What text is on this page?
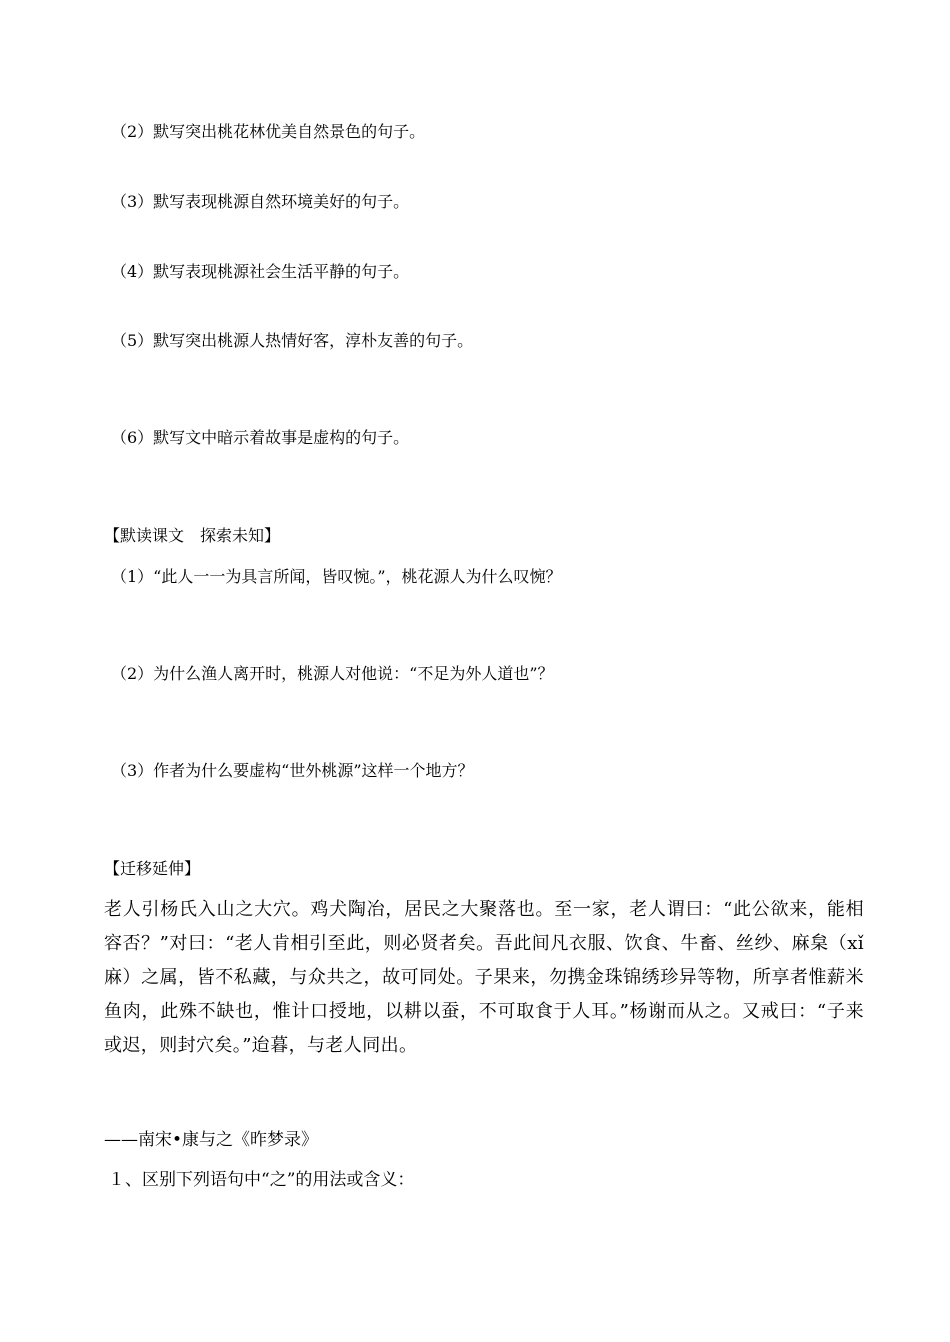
（2）默写突出桃花林优美自然景色的句子。
（3）默写表现桃源自然环境美好的句子。
（4）默写表现桃源社会生活平静的句子。
（5）默写突出桃源人热情好客，淳朴友善的句子。
（6）默写文中暗示着故事是虚构的句子。
【默读课文　探索未知】
（1）“此人一一为具言所闻，皆叹惋。”，桃花源人为什么叹惋？
（2）为什么渔人离开时，桃源人对他说：“不足为外人道也”？
（3）作者为什么要虚构“世外桃源”这样一个地方？
【迁移延伸】
老人引杨氏入山之大穴。鸡犬陶冶，居民之大聚落也。至一家，老人谓曰：“此公欲来，能相容否？”对曰：“老人肯相引至此，则必贤者矣。吾此间凡衣服、饮食、牛畜、丝纱、麻枲（xǐ 麻）之属，皆不私藏，与众共之，故可同处。子果来，勿携金珠锦绣珍异等物，所享者惟薪米鱼肉，此殊不缺也，惟计口授地，以耕以蚕，不可取食于人耳。”杨谢而从之。又戒曰：“子来或迟，则封穴矣。”迨暮，与老人同出。
——南宋•康与之《昨梦录》
１、区别下列语句中“之”的用法或含义：
